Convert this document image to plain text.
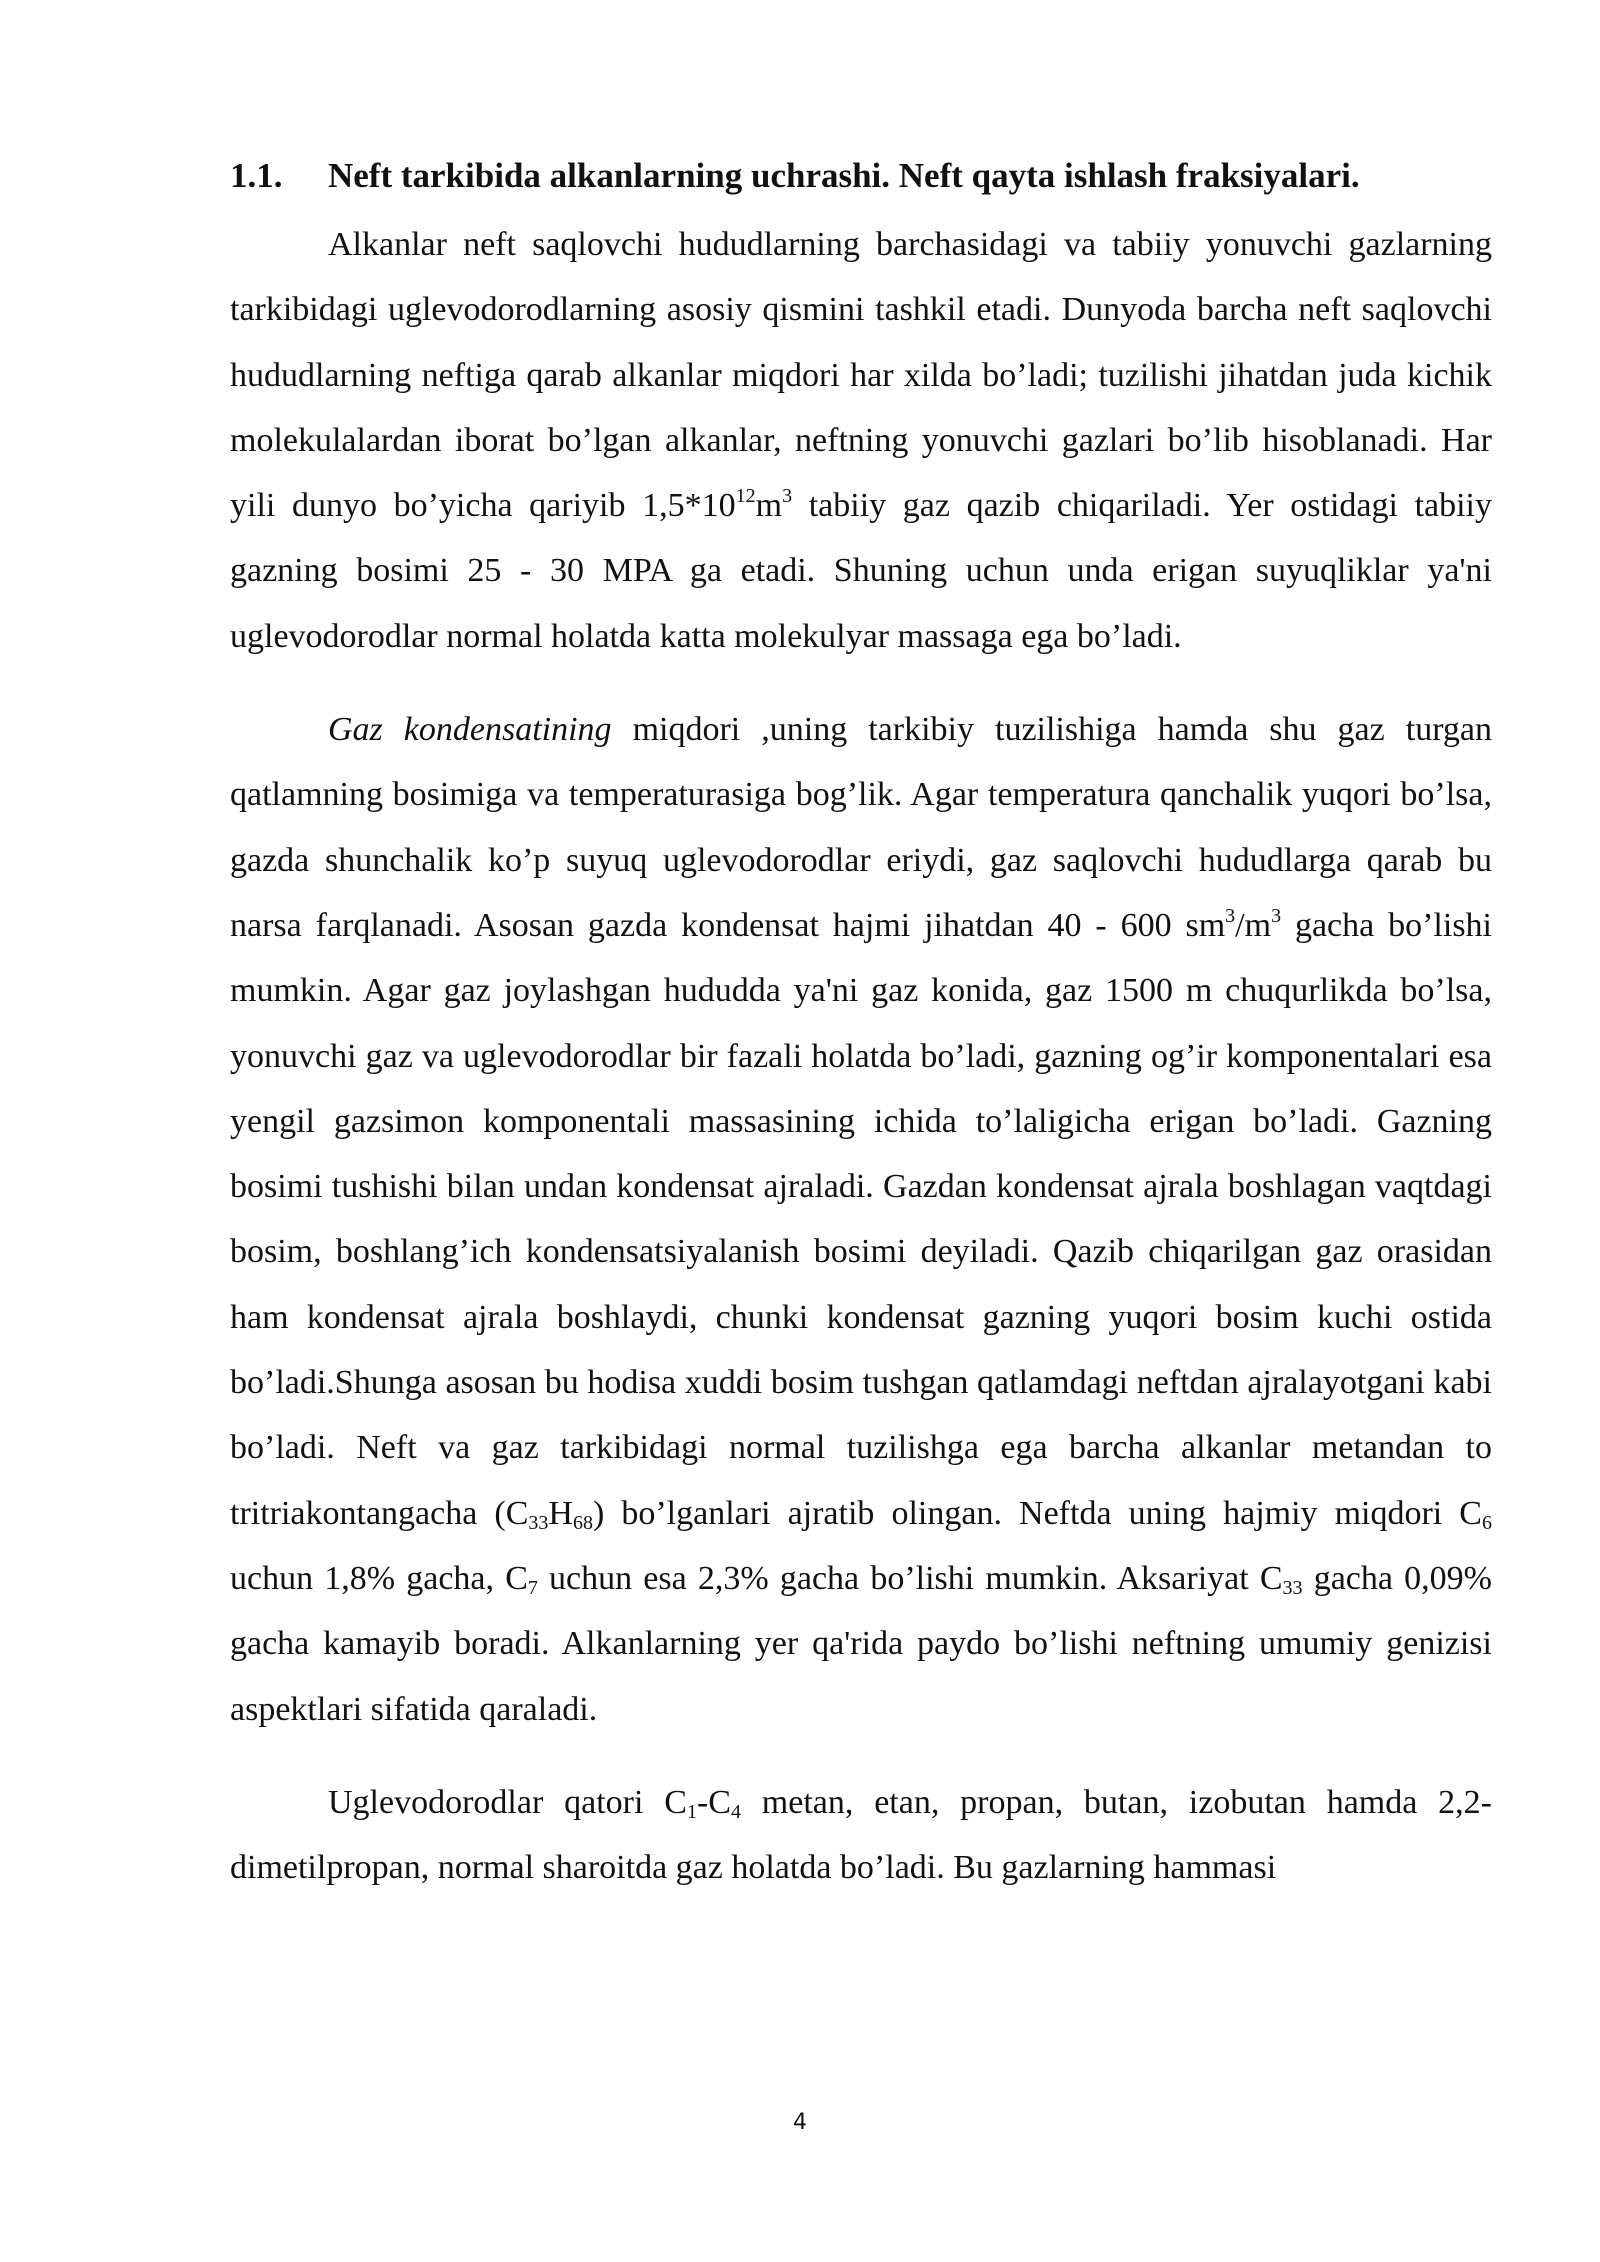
1.1. Neft tarkibida alkanlarning uchrashi. Neft qayta ishlash fraksiyalari.

Alkanlar neft saqlovchi hududlarning barchasidagi va tabiiy yonuvchi gazlarning tarkibidagi uglevodorodlarning asosiy qismini tashkil etadi. Dunyoda barcha neft saqlovchi hududlarning neftiga qarab alkanlar miqdori har xilda bo’ladi; tuzilishi jihatdan juda kichik molekulalardan iborat bo’lgan alkanlar, neftning yonuvchi gazlari bo’lib hisoblanadi. Har yili dunyo bo’yicha qariyib $1,5*10^{12}m^3$ tabiiy gaz qazib chiqariladi. Yer ostidagi tabiiy gazning bosimi 25 - 30 MPA ga etadi. Shuning uchun unda erigan suyuqliklar ya'ni uglevodorodlar normal holatda katta molekulyar massaga ega bo’ladi.

Gaz kondensatining miqdori ,uning tarkibiy tuzilishiga hamda shu gaz turgan qatlamning bosimiga va temperaturasiga bog’lik. Agar temperatura qanchalik yuqori bo’lsa, gazda shunchalik ko’p suyuq uglevodorodlar eriydi, gaz saqlovchi hududlarga qarab bu narsa farqlanadi. Asosan gazda kondensat hajmi jihatdan 40 - 600 $sm^3/m^3$ gacha bo’lishi mumkin. Agar gaz joylashgan hududda ya'ni gaz konida, gaz 1500 m chuqurlikda bo’lsa, yonuvchi gaz va uglevodorodlar bir fazali holatda bo’ladi, gazning og’ir komponentalari esa yengil gazsimon komponentali massasining ichida to’laligicha erigan bo’ladi. Gazning bosimi tushishi bilan undan kondensat ajraladi. Gazdan kondensat ajrala boshlagan vaqtdagi bosim, boshlang’ich kondensatsiyalanish bosimi deyiladi. Qazib chiqarilgan gaz orasidan ham kondensat ajrala boshlaydi, chunki kondensat gazning yuqori bosim kuchi ostida bo’ladi.Shunga asosan bu hodisa xuddi bosim tushgan qatlamdagi neftdan ajralayotgani kabi bo’ladi. Neft va gaz tarkibidagi normal tuzilishga ega barcha alkanlar metandan to tritriakontangacha $(C_{33}H_{68})$ bo’lganlari ajratib olingan. Neftda uning hajmiy miqdori $C_6$ uchun 1,8% gacha, $C_7$ uchun esa 2,3% gacha bo’lishi mumkin. Aksariyat $C_{33}$ gacha 0,09% gacha kamayib boradi. Alkanlarning yer qa'rida paydo bo’lishi neftning umumiy genizisi aspektlari sifatida qaraladi.

Uglevodorodlar qatori $C_1-C_4$ metan, etan, propan, butan, izobutan hamda 2,2-dimetilpropan, normal sharoitda gaz holatda bo’ladi. Bu gazlarning hammasi

4
